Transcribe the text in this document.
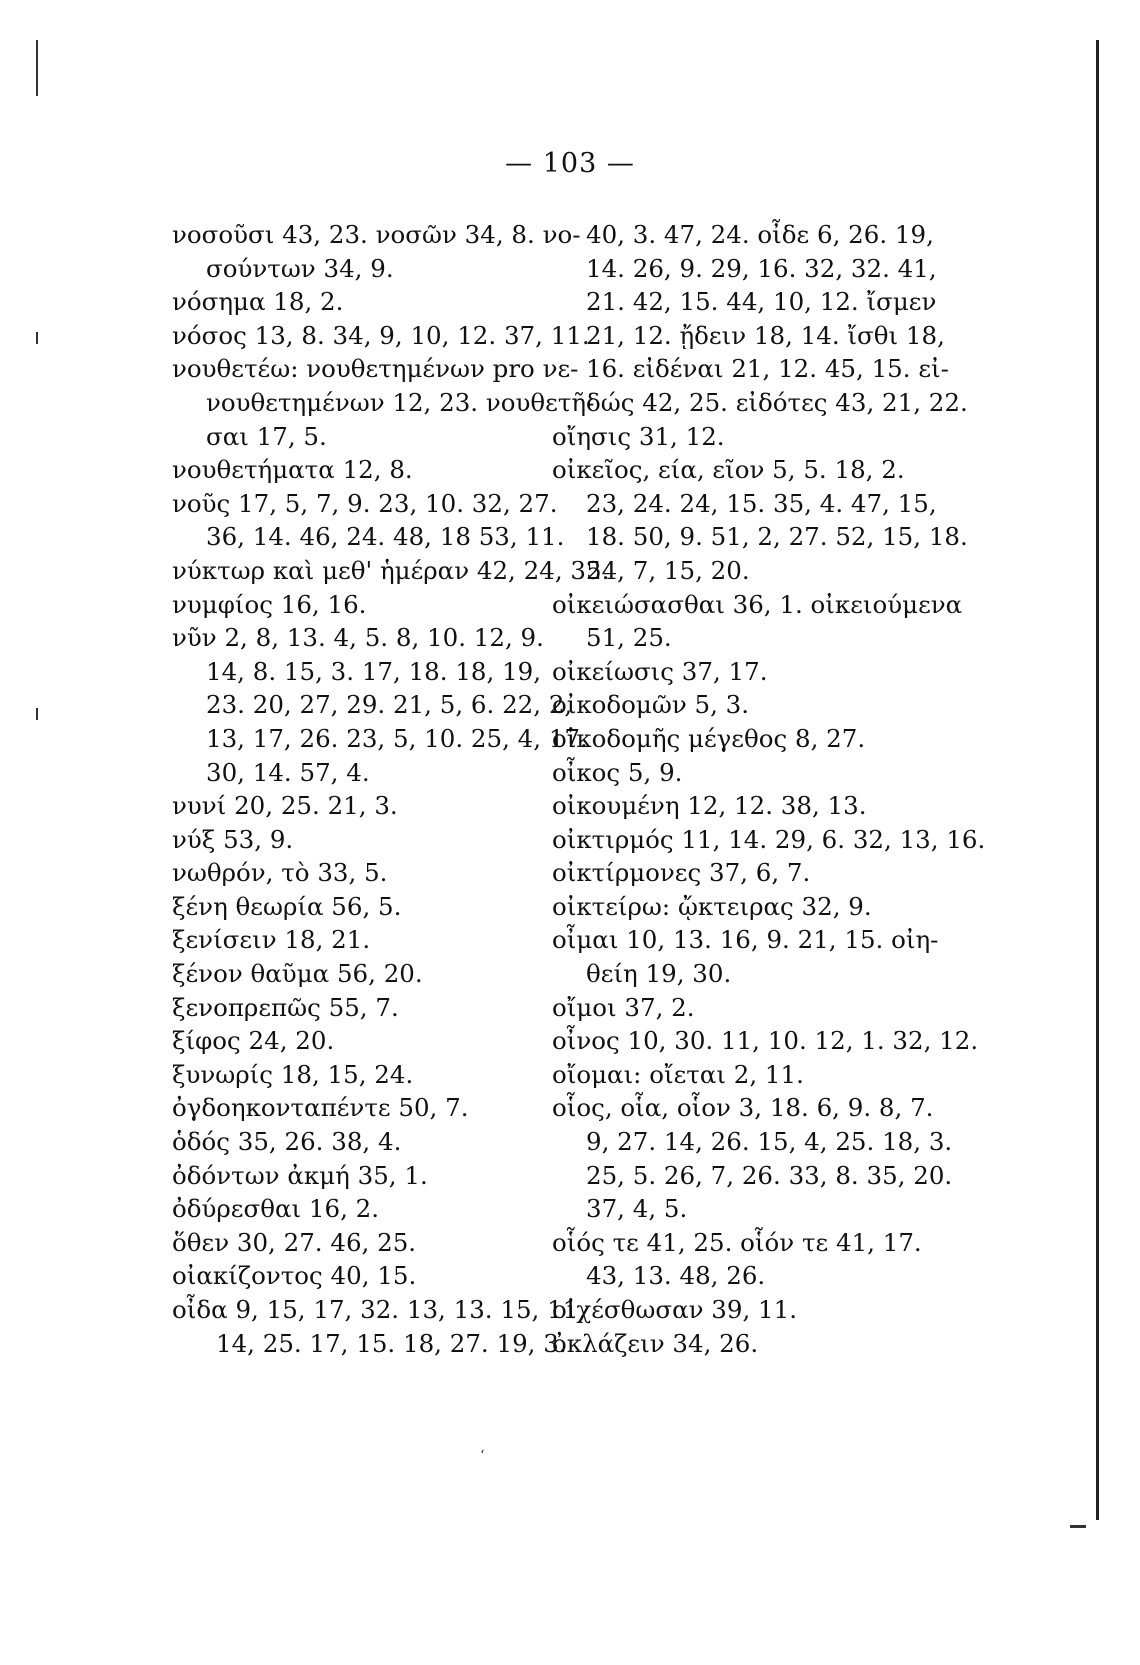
— 103 —
νοσοῦσι 43, 23. νοσῶν 34, 8. νο-
σούντων 34, 9.
νόσημα 18, 2.
νόσος 13, 8. 34, 9, 10, 12. 37, 11.
νουθετέω: νουθετημένων pro νε-
νουθετημένων 12, 23. νουθετῆ-
σαι 17, 5.
νουθετήματα 12, 8.
νοῦς 17, 5, 7, 9. 23, 10. 32, 27.
36, 14. 46, 24. 48, 18 53, 11.
νύκτωρ καὶ μεθ' ἡμέραν 42, 24, 32.
νυμφίος 16, 16.
νῦν 2, 8, 13. 4, 5. 8, 10. 12, 9.
14, 8. 15, 3. 17, 18. 18, 19,
23. 20, 27, 29. 21, 5, 6. 22, 2,
13, 17, 26. 23, 5, 10. 25, 4, 17.
30, 14. 57, 4.
νυνί 20, 25. 21, 3.
νύξ 53, 9.
νωθρόν, τὸ 33, 5.
ξένη θεωρία 56, 5.
ξενίσειν 18, 21.
ξένον θαῦμα 56, 20.
ξενοπρεπῶς 55, 7.
ξίφος 24, 20.
ξυνωρίς 18, 15, 24.
ὀγδοηκονταπέντε 50, 7.
ὁδός 35, 26. 38, 4.
ὀδόντων ἀκμή 35, 1.
ὀδύρεσθαι 16, 2.
ὅθεν 30, 27. 46, 25.
οἰακίζοντος 40, 15.
οἶδα 9, 15, 17, 32. 13, 13. 15, 11,
14, 25. 17, 15. 18, 27. 19, 3.
40, 3. 47, 24. οἶδε 6, 26. 19,
14. 26, 9. 29, 16. 32, 32. 41,
21. 42, 15. 44, 10, 12. ἴσμεν
21, 12. ᾔδειν 18, 14. ἴσθι 18,
16. εἰδέναι 21, 12. 45, 15. εἰ-
δώς 42, 25. εἰδότες 43, 21, 22.
οἴησις 31, 12.
οἰκεῖος, εία, εῖον 5, 5. 18, 2.
23, 24. 24, 15. 35, 4. 47, 15,
18. 50, 9. 51, 2, 27. 52, 15, 18.
54, 7, 15, 20.
οἰκειώσασθαι 36, 1. οἰκειούμενα
51, 25.
οἰκείωσις 37, 17.
οἰκοδομῶν 5, 3.
οἰκοδομῆς μέγεθος 8, 27.
οἶκος 5, 9.
οἰκουμένη 12, 12. 38, 13.
οἰκτιρμός 11, 14. 29, 6. 32, 13, 16.
οἰκτίρμονες 37, 6, 7.
οἰκτείρω: ᾤκτειρας 32, 9.
οἶμαι 10, 13. 16, 9. 21, 15. οἰη-
θείη 19, 30.
οἴμοι 37, 2.
οἶνος 10, 30. 11, 10. 12, 1. 32, 12.
οἴομαι: οἴεται 2, 11.
οἷος, οἷα, οἷον 3, 18. 6, 9. 8, 7.
9, 27. 14, 26. 15, 4, 25. 18, 3.
25, 5. 26, 7, 26. 33, 8. 35, 20.
37, 4, 5.
οἷός τε 41, 25. οἷόν τε 41, 17.
43, 13. 48, 26.
οἰχέσθωσαν 39, 11.
ὀκλάζειν 34, 26.
ʻ
